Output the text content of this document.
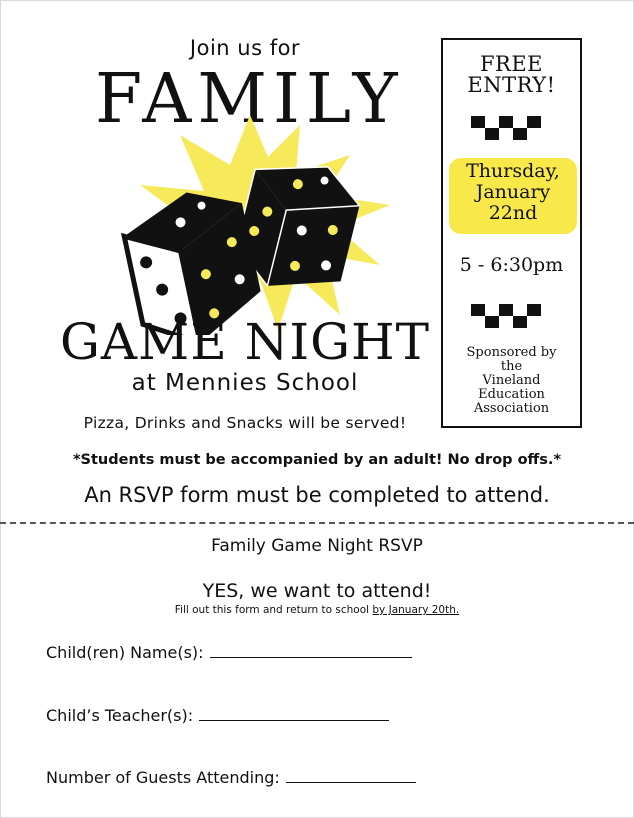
Join us for
FAMILY
GAME NIGHT
at Mennies School
Pizza, Drinks and Snacks will be served!
FREE
ENTRY!
Thursday,
January
22nd
5 - 6:30pm
Sponsored by
the
Vineland
Education
Association
*Students must be accompanied by an adult! No drop offs.*
An RSVP form must be completed to attend.
Family Game Night RSVP
YES, we want to attend!
Fill out this form and return to school by January 20th.
Child(ren) Name(s):
Child’s Teacher(s):
Number of Guests Attending:
